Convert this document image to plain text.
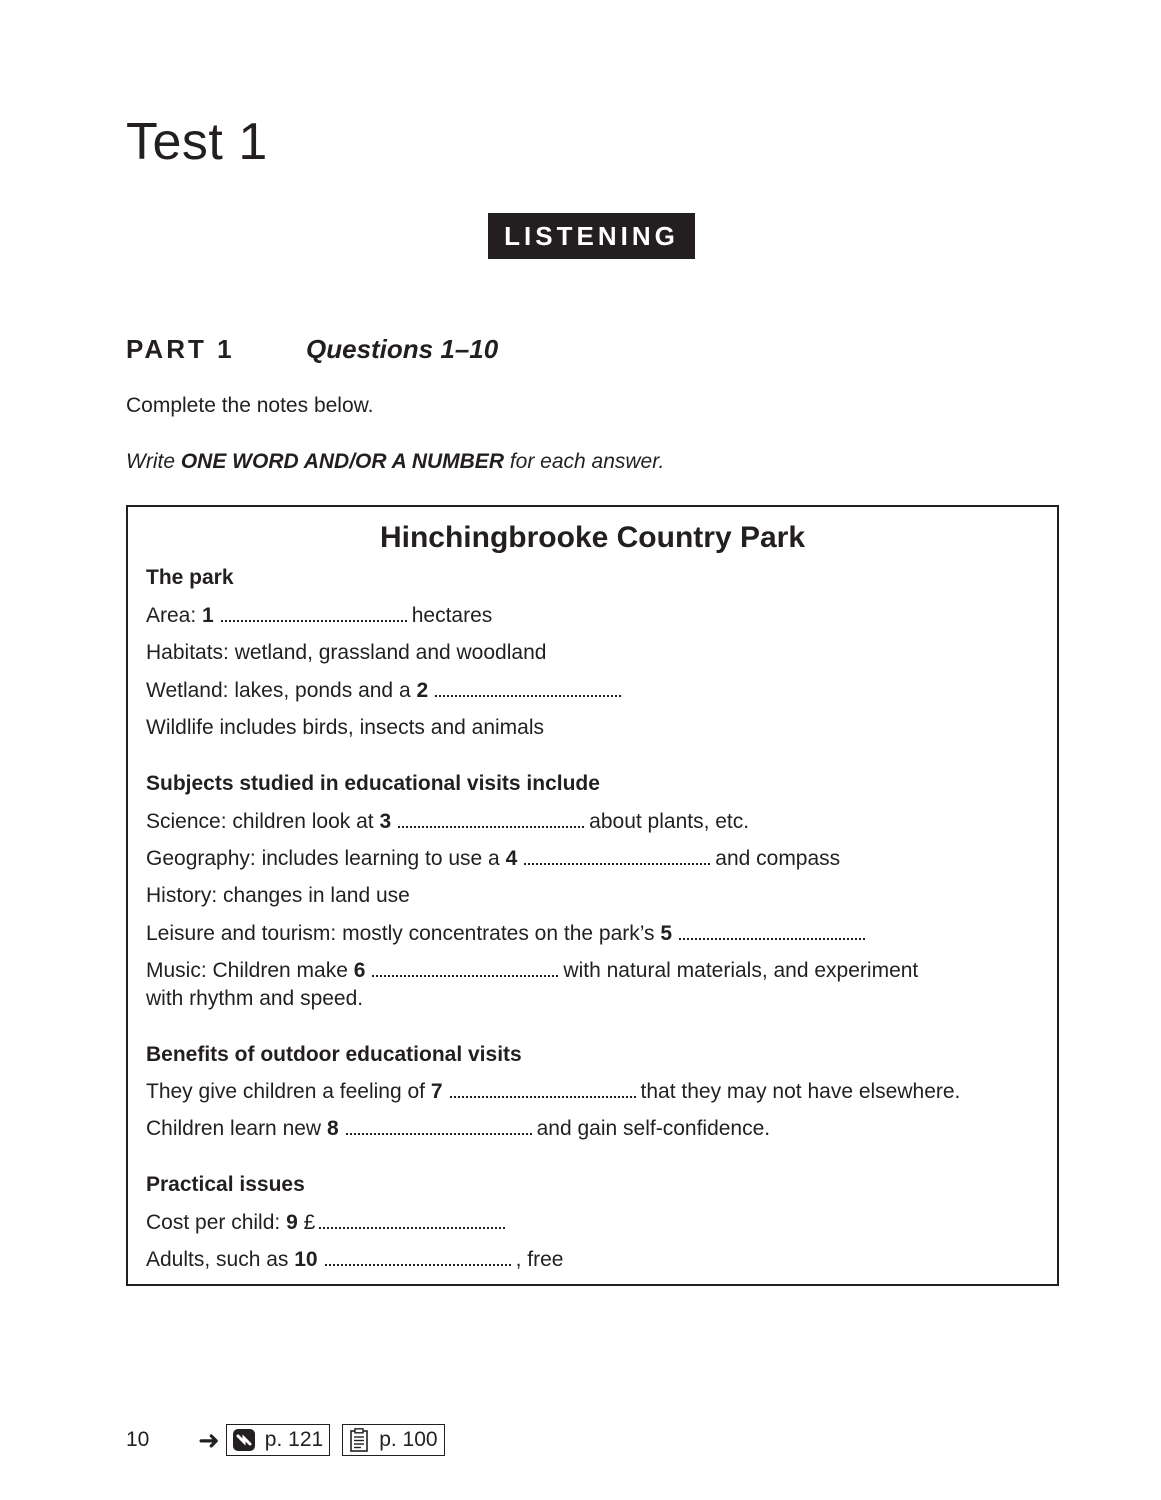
Test 1
LISTENING
PART 1	Questions 1–10
Complete the notes below.
Write ONE WORD AND/OR A NUMBER for each answer.
Hinchingbrooke Country Park
The park
Area: 1	hectares
Habitats: wetland, grassland and woodland
Wetland: lakes, ponds and a 2
Wildlife includes birds, insects and animals
Subjects studied in educational visits include
Science: children look at 3	about plants, etc.
Geography: includes learning to use a 4	and compass
History: changes in land use
Leisure and tourism: mostly concentrates on the park’s 5
Music: Children make 6	with natural materials, and experiment
with rhythm and speed.
Benefits of outdoor educational visits
They give children a feeling of 7	that they may not have elsewhere.
Children learn new 8	and gain self-confidence.
Practical issues
Cost per child: 9 £
Adults, such as 10	, free
10	➜ p. 121	p. 100
